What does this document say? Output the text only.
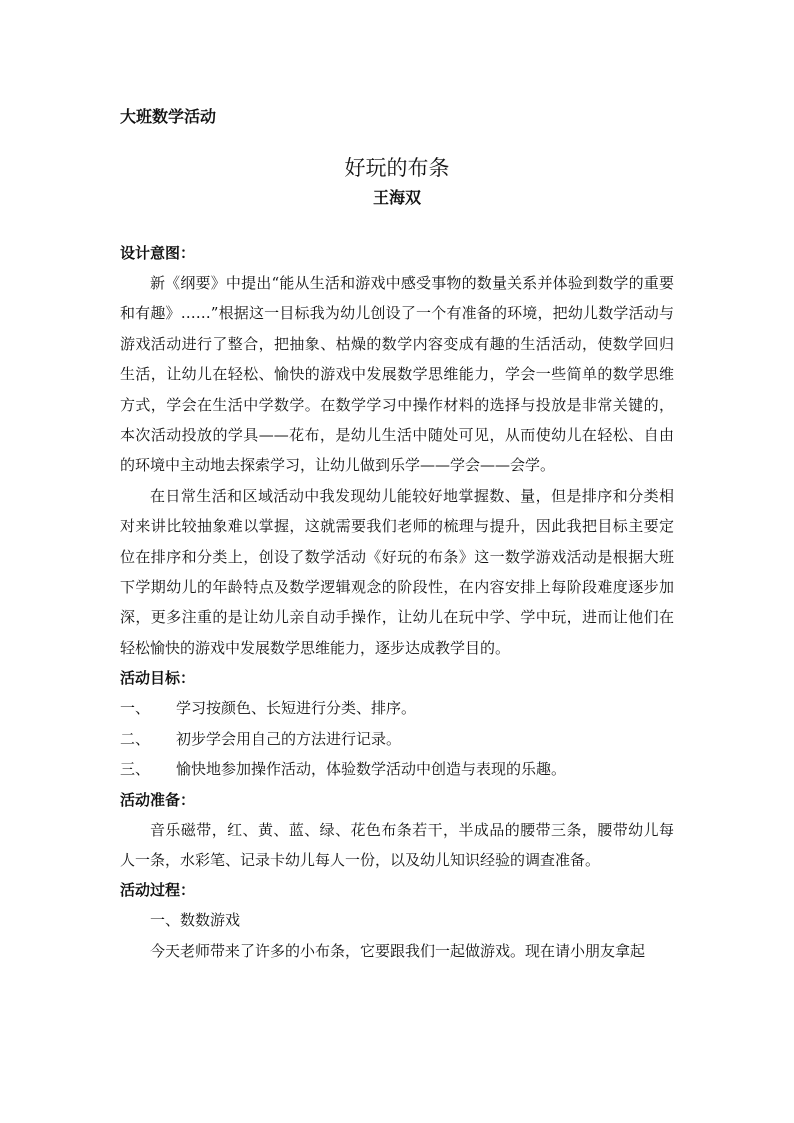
大班数学活动

好玩的布条

王海双

设计意图：

新《纲要》中提出“能从生活和游戏中感受事物的数量关系并体验到数学的重要和有趣》……”根据这一目标我为幼儿创设了一个有准备的环境，把幼儿数学活动与游戏活动进行了整合，把抽象、枯燥的数学内容变成有趣的生活活动，使数学回归生活，让幼儿在轻松、愉快的游戏中发展数学思维能力，学会一些简单的数学思维方式，学会在生活中学数学。在数学学习中操作材料的选择与投放是非常关键的，本次活动投放的学具——花布，是幼儿生活中随处可见，从而使幼儿在轻松、自由的环境中主动地去探索学习，让幼儿做到乐学——学会——会学。

在日常生活和区域活动中我发现幼儿能较好地掌握数、量，但是排序和分类相对来讲比较抽象难以掌握，这就需要我们老师的梳理与提升，因此我把目标主要定位在排序和分类上，创设了数学活动《好玩的布条》这一数学游戏活动是根据大班下学期幼儿的年龄特点及数学逻辑观念的阶段性，在内容安排上每阶段难度逐步加深，更多注重的是让幼儿亲自动手操作，让幼儿在玩中学、学中玩，进而让他们在轻松愉快的游戏中发展数学思维能力，逐步达成教学目的。

活动目标：

一、	学习按颜色、长短进行分类、排序。
二、	初步学会用自己的方法进行记录。
三、	愉快地参加操作活动，体验数学活动中创造与表现的乐趣。

活动准备：

音乐磁带，红、黄、蓝、绿、花色布条若干，半成品的腰带三条，腰带幼儿每人一条，水彩笔、记录卡幼儿每人一份，以及幼儿知识经验的调查准备。

活动过程：

一、数数游戏

今天老师带来了许多的小布条，它要跟我们一起做游戏。现在请小朋友拿起
